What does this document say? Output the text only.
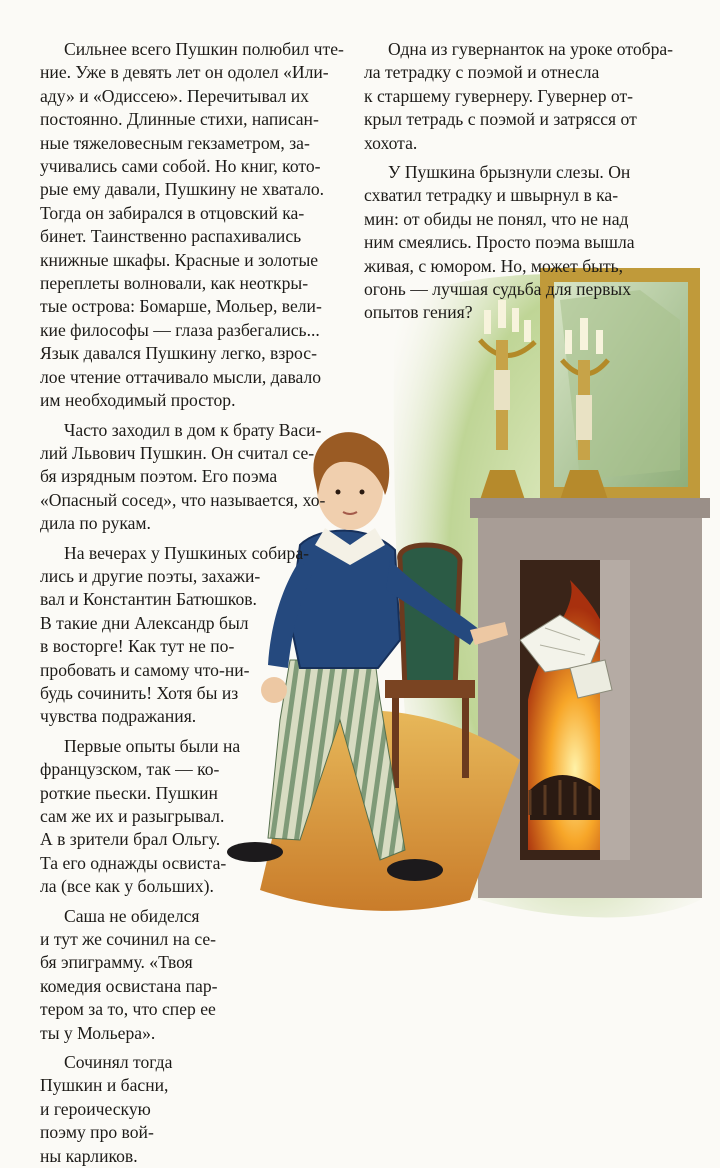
Сильнее всего Пушкин полюбил чте-
ние. Уже в девять лет он одолел «Или-
аду» и «Одиссею». Перечитывал их
постоянно. Длинные стихи, написан-
ные тяжеловесным гекзаметром, за-
учивались сами собой. Но книг, кото-
рые ему давали, Пушкину не хватало.
Тогда он забирался в отцовский ка-
бинет. Таинственно распахивались
книжные шкафы. Красные и золотые
переплеты волновали, как неоткры-
тые острова: Бомарше, Мольер, вели-
кие философы — глаза разбегались...
Язык давался Пушкину легко, взрос-
лое чтение оттачивало мысли, давало
им необходимый простор.

Часто заходил в дом к брату Васи-
лий Львович Пушкин. Он считал се-
бя изрядным поэтом. Его поэма
«Опасный сосед», что называется, хо-
дила по рукам.

На вечерах у Пушкиных собира-
лись и другие поэты, захажи-
вал и Константин Батюшков.
В такие дни Александр был
в восторге! Как тут не по-
пробовать и самому что-ни-
будь сочинить! Хотя бы из
чувства подражания.

Первые опыты были на
французском, так — ко-
роткие пьески. Пушкин
сам же их и разыгрывал.
А в зрители брал Ольгу.
Та его однажды освиста-
ла (все как у больших).

Саша не обиделся
и тут же сочинил на се-
бя эпиграмму. «Твоя
комедия освистана пар-
тером за то, что спер ее
ты у Мольера».

Сочинял тогда
Пушкин и басни,
и героическую
поэму про вой-
ны карликов.

Одна из гувернанток на уроке отобра-
ла тетрадку с поэмой и отнесла
к старшему гувернеру. Гувернер от-
крыл тетрадь с поэмой и затрясся от
хохота.

У Пушкина брызнули слезы. Он
схватил тетрадку и швырнул в ка-
мин: от обиды не понял, что не над
ним смеялись. Просто поэма вышла
живая, с юмором. Но, может быть,
огонь — лучшая судьба для первых
опытов гения?
